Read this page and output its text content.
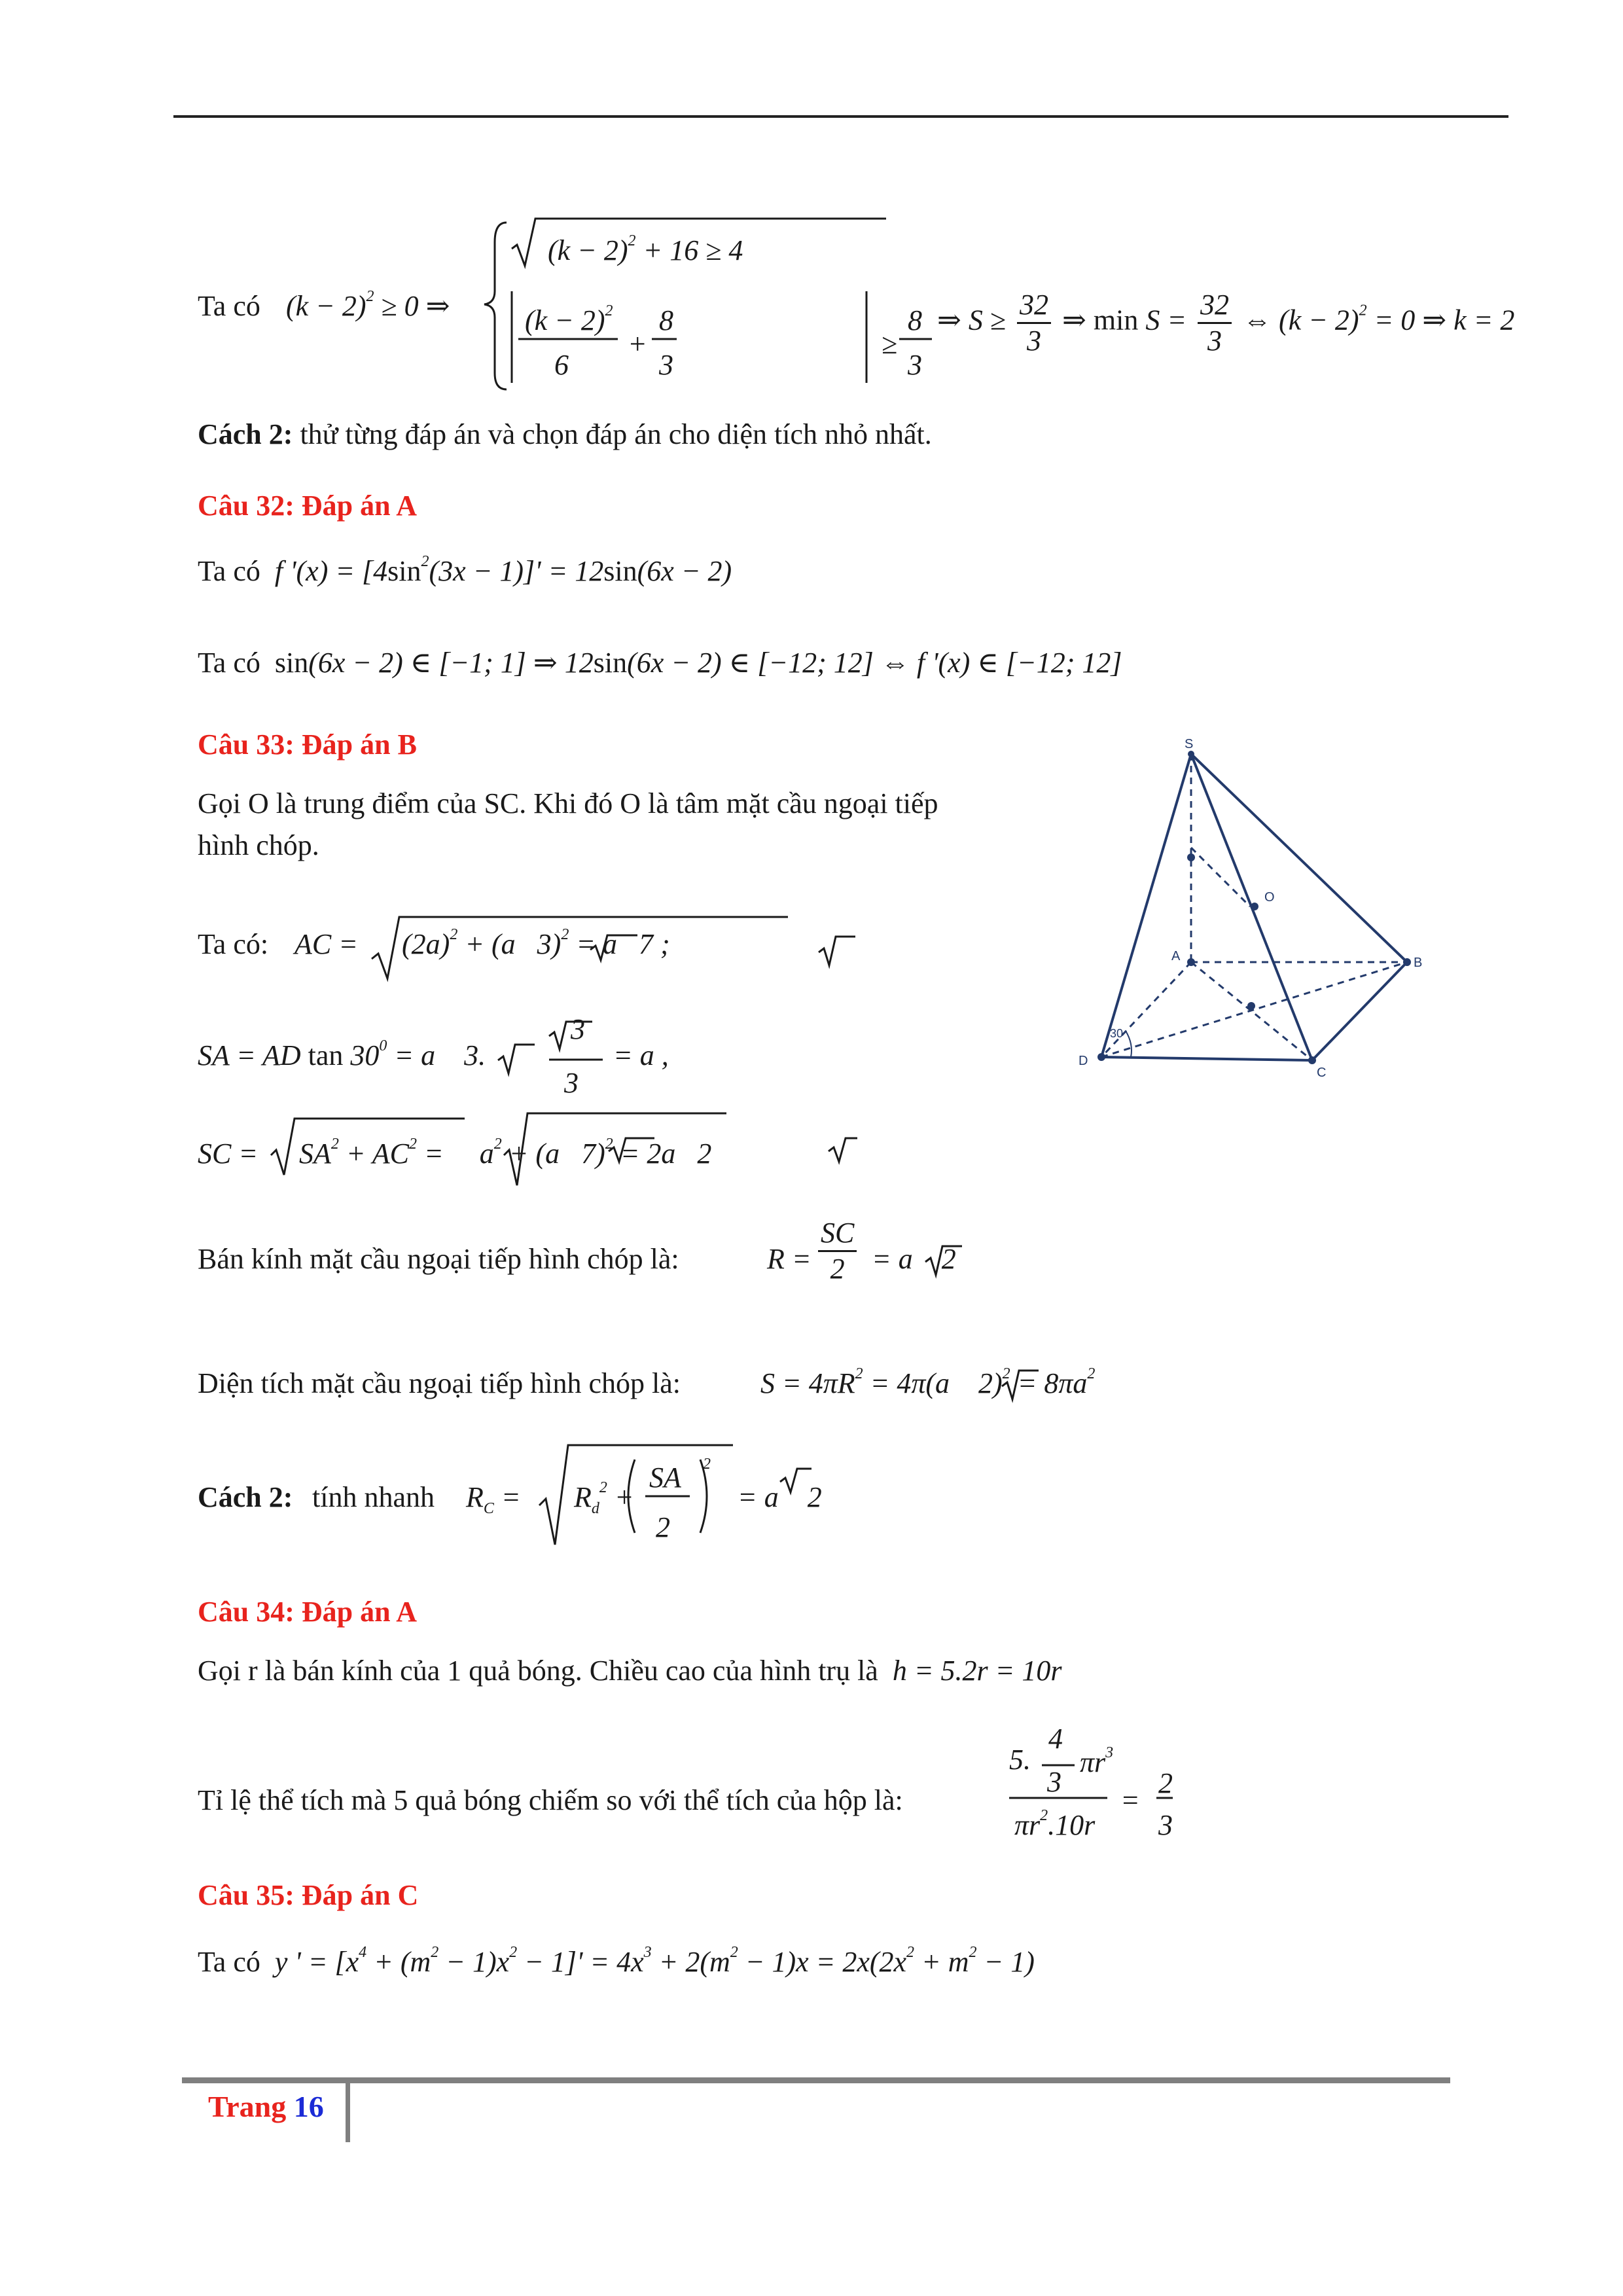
Ta có $(k - 2)^2 \ge 0$ ⇒
$(k - 2)^2 + 16 \ge 4$
$(k - 2)^2$
6
+
8
3
≥
8
3
⇒ $S \ge \frac{32}{3}$ ⇒ $\min S = \frac{32}{3}$ ⇔ $(k - 2)^2 = 0$ ⇒ k = 2
Cách 2: thử từng đáp án và chọn đáp án cho diện tích nhỏ nhất.
Câu 32: Đáp án A
Ta có  f '$(x) = [4\sin^2(3x - 1)]' = 12\sin(6x - 2)$
Ta có sin(6x − 2) ∈ [−1; 1] ⇒ 12sin(6x − 2) ∈ [−12; 12] ⇔ f '(x) ∈ [−12; 12]
Câu 33: Đáp án B
Gọi O là trung điểm của SC. Khi đó O là tâm mặt cầu ngoại tiếp
hình chóp.
Ta có: AC = $(2a)^2 + (a$   3)$^2$ = a   7 ;
SA = AD $\tan 30^0 = a$    3.
3
3
= a ,
SC = $SA^2 + AC^2$ =     $a^2 + (a$   7)$^2$ = 2a   2
S
O
A	B
C
D
30
Bán kính mặt cầu ngoại tiếp hình chóp là:	$R = \frac{SC}{2} = a$    2
Diện tích mặt cầu ngoại tiếp hình chóp là:	$S = 4\pi R^2 = 4\pi(a$    $2)^2 = 8\pi a^2$
Cách 2: tính nhanh $R_C = R_d^2$ +
SA
2
$^2$
= a    2
Câu 34: Đáp án A
Gọi r là bán kính của 1 quả bóng. Chiều cao của hình trụ là  h = 5.2r = 10r
Tỉ lệ thể tích mà 5 quả bóng chiếm so với thể tích của hộp là:
4
5. $\pi r^3$
3
$\pi r^2.10r$
=
2
3
Câu 35: Đáp án C
Ta có  y ' = $[x^4 + (m^2 - 1)x^2 - 1]' = 4x^3 + 2(m^2 - 1)x = 2x(2x^2 + m^2 - 1)$
Trang 16
